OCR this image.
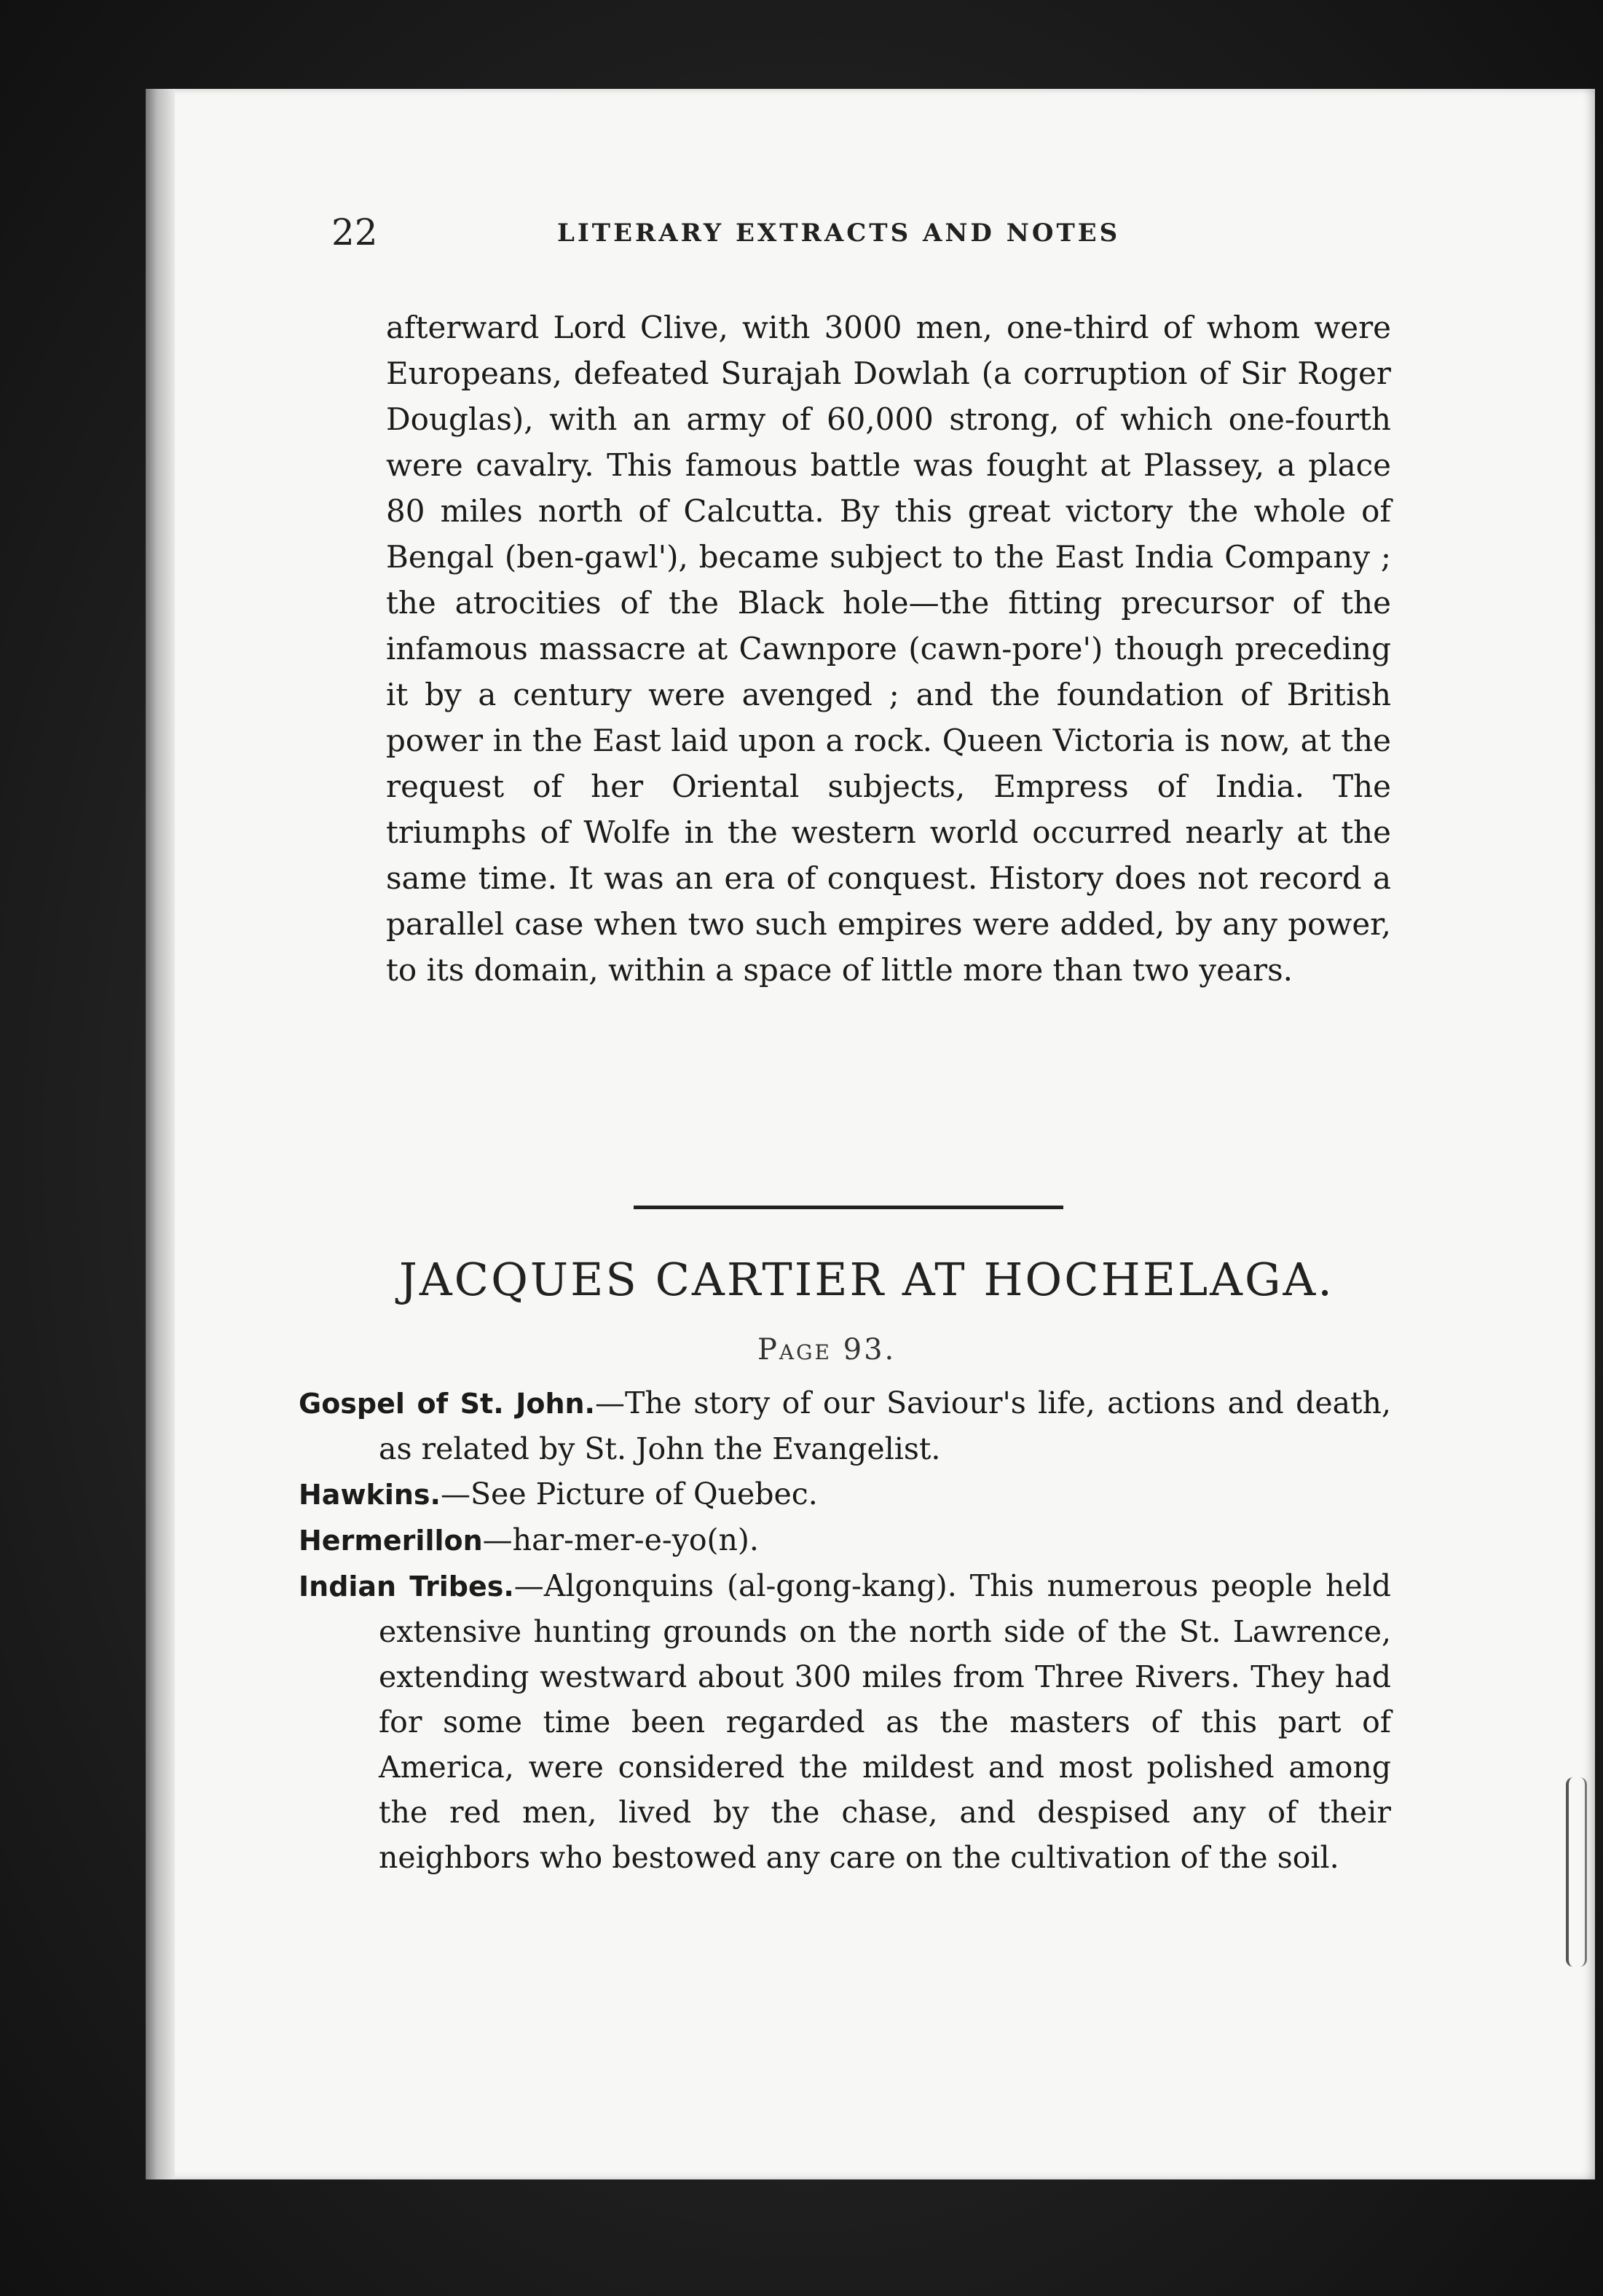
22	LITERARY EXTRACTS AND NOTES

afterward Lord Clive, with 3000 men, one-third of whom were Europeans, defeated Surajah Dowlah (a corruption of Sir Roger Douglas), with an army of 60,000 strong, of which one-fourth were cavalry. This famous battle was fought at Plassey, a place 80 miles north of Calcutta. By this great victory the whole of Bengal (ben-gawl'), became subject to the East India Company ; the atrocities of the Black hole—the fitting precursor of the infamous massacre at Cawnpore (cawn-pore') though preceding it by a century were avenged ; and the foundation of British power in the East laid upon a rock. Queen Victoria is now, at the request of her Oriental subjects, Empress of India. The triumphs of Wolfe in the western world occurred nearly at the same time. It was an era of conquest. History does not record a parallel case when two such empires were added, by any power, to its domain, within a space of little more than two years.

JACQUES CARTIER AT HOCHELAGA.
Page 93.

Gospel of St. John.—The story of our Saviour's life, actions and death, as related by St. John the Evangelist.

Hawkins.—See Picture of Quebec.

Hermerillon—har-mer-e-yo(n).

Indian Tribes.—Algonquins (al-gong-kang). This numerous people held extensive hunting grounds on the north side of the St. Lawrence, extending westward about 300 miles from Three Rivers. They had for some time been regarded as the masters of this part of America, were considered the mildest and most polished among the red men, lived by the chase, and despised any of their neighbors who bestowed any care on the cultivation of the soil.
